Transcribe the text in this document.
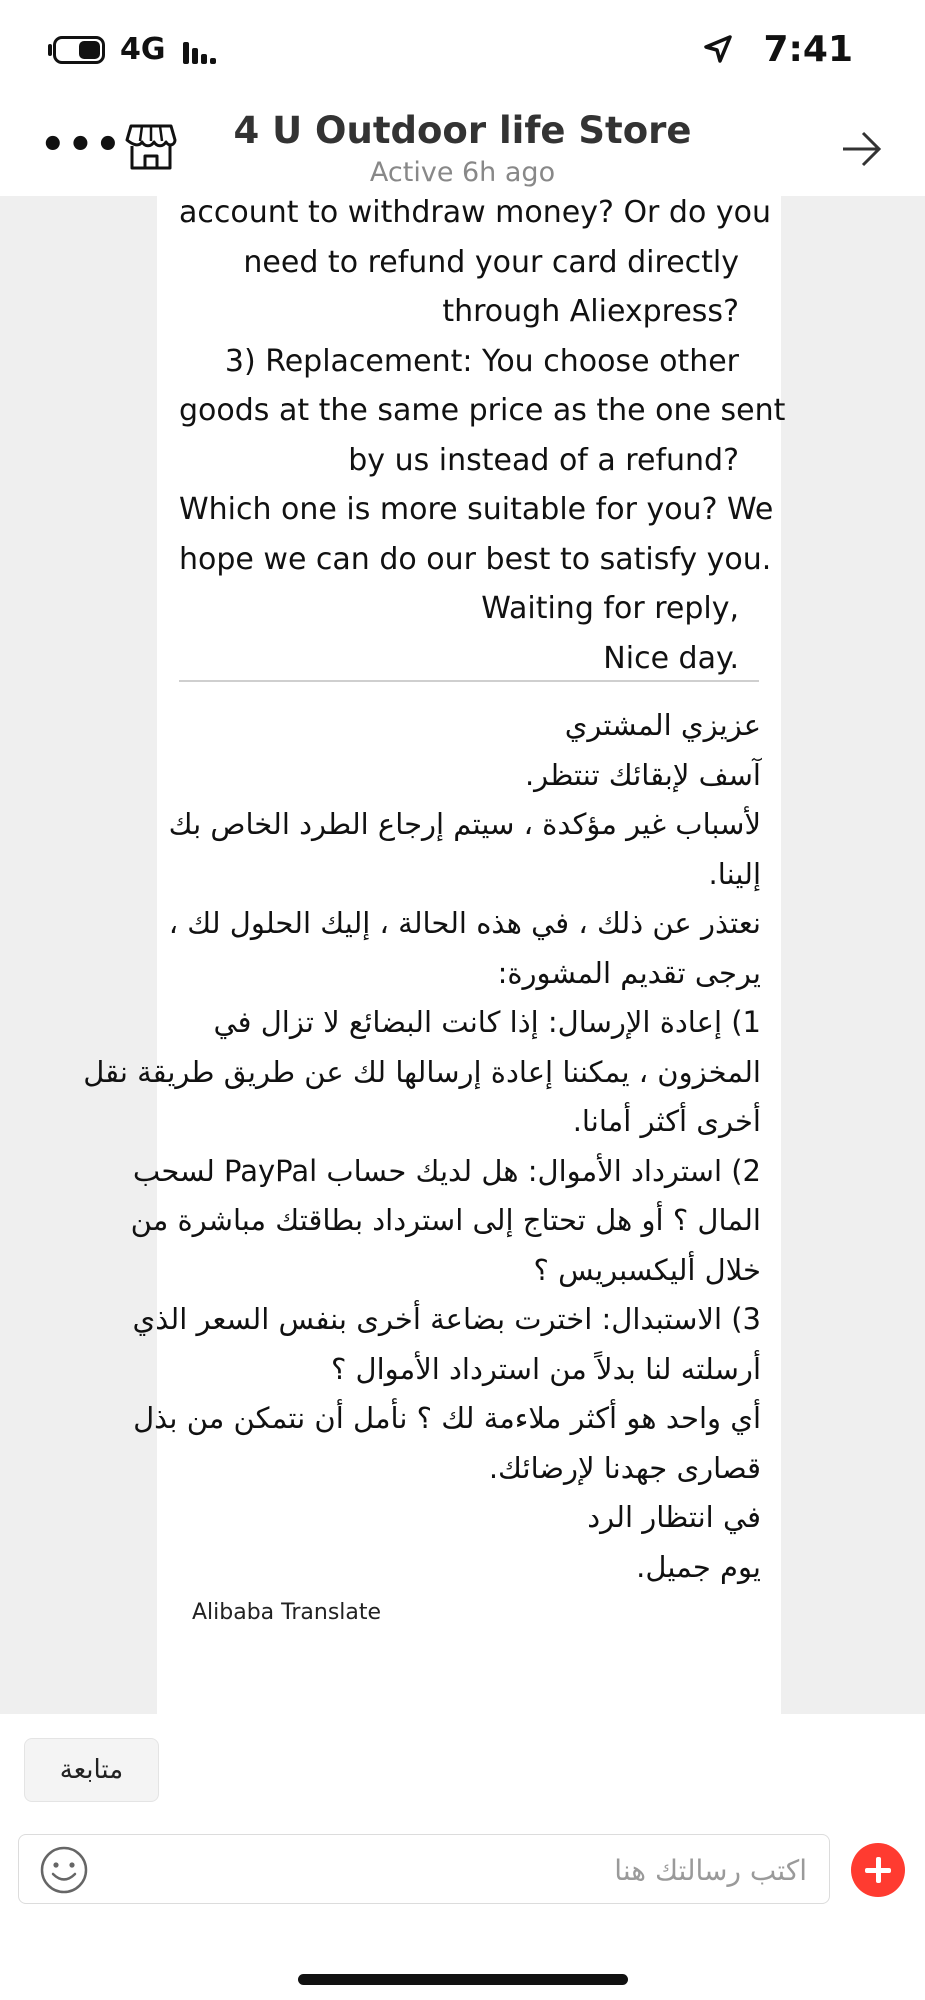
4G	7:41
•••	4 U Outdoor life Store
Active 6h ago
account to withdraw money? Or do you
need to refund your card directly
through Aliexpress?
3) Replacement: You choose other
goods at the same price as the one sent
by us instead of a refund?
Which one is more suitable for you? We
hope we can do our best to satisfy you.
Waiting for reply,
Nice day.
عزيزي المشتري
آسف لإبقائك تنتظر.
لأسباب غير مؤكدة ، سيتم إرجاع الطرد الخاص بك
إلينا.
نعتذر عن ذلك ، في هذه الحالة ، إليك الحلول لك ،
يرجى تقديم المشورة:
1) إعادة الإرسال: إذا كانت البضائع لا تزال في
المخزون ، يمكننا إعادة إرسالها لك عن طريق طريقة نقل
أخرى أكثر أمانا.
2) استرداد الأموال: هل لديك حساب PayPal لسحب
المال ؟ أو هل تحتاج إلى استرداد بطاقتك مباشرة من
خلال أليكسبريس ؟
3) الاستبدال: اخترت بضاعة أخرى بنفس السعر الذي
أرسلته لنا بدلاً من استرداد الأموال ؟
أي واحد هو أكثر ملاءمة لك ؟ نأمل أن نتمكن من بذل
قصارى جهدنا لإرضائك.
في انتظار الرد
يوم جميل.
Alibaba Translate
متابعة
اكتب رسالتك هنا
